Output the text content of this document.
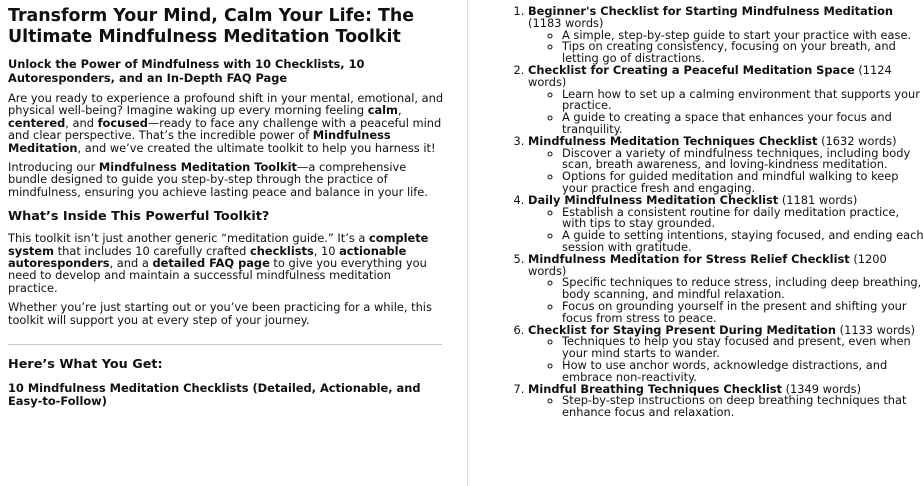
Transform Your Mind, Calm Your Life: The Ultimate Mindfulness Meditation Toolkit
Unlock the Power of Mindfulness with 10 Checklists, 10 Autoresponders, and an In-Depth FAQ Page

Are you ready to experience a profound shift in your mental, emotional, and physical well-being? Imagine waking up every morning feeling calm, centered, and focused—ready to face any challenge with a peaceful mind and clear perspective. That’s the incredible power of Mindfulness Meditation, and we’ve created the ultimate toolkit to help you harness it!

Introducing our Mindfulness Meditation Toolkit—a comprehensive bundle designed to guide you step-by-step through the practice of mindfulness, ensuring you achieve lasting peace and balance in your life.

What’s Inside This Powerful Toolkit?

This toolkit isn’t just another generic “meditation guide.” It’s a complete system that includes 10 carefully crafted checklists, 10 actionable autoresponders, and a detailed FAQ page to give you everything you need to develop and maintain a successful mindfulness meditation practice.

Whether you’re just starting out or you’ve been practicing for a while, this toolkit will support you at every step of your journey.

Here’s What You Get:
10 Mindfulness Meditation Checklists (Detailed, Actionable, and Easy-to-Follow)
1. Beginner's Checklist for Starting Mindfulness Meditation (1183 words)
◦ A simple, step-by-step guide to start your practice with ease.
◦ Tips on creating consistency, focusing on your breath, and letting go of distractions.
2. Checklist for Creating a Peaceful Meditation Space (1124 words)
◦ Learn how to set up a calming environment that supports your practice.
◦ A guide to creating a space that enhances your focus and tranquility.
3. Mindfulness Meditation Techniques Checklist (1632 words)
◦ Discover a variety of mindfulness techniques, including body scan, breath awareness, and loving-kindness meditation.
◦ Options for guided meditation and mindful walking to keep your practice fresh and engaging.
4. Daily Mindfulness Meditation Checklist (1181 words)
◦ Establish a consistent routine for daily meditation practice, with tips to stay grounded.
◦ A guide to setting intentions, staying focused, and ending each session with gratitude.
5. Mindfulness Meditation for Stress Relief Checklist (1200 words)
◦ Specific techniques to reduce stress, including deep breathing, body scanning, and mindful relaxation.
◦ Focus on grounding yourself in the present and shifting your focus from stress to peace.
6. Checklist for Staying Present During Meditation (1133 words)
◦ Techniques to help you stay focused and present, even when your mind starts to wander.
◦ How to use anchor words, acknowledge distractions, and embrace non-reactivity.
7. Mindful Breathing Techniques Checklist (1349 words)
◦ Step-by-step instructions on deep breathing techniques that enhance focus and relaxation.
